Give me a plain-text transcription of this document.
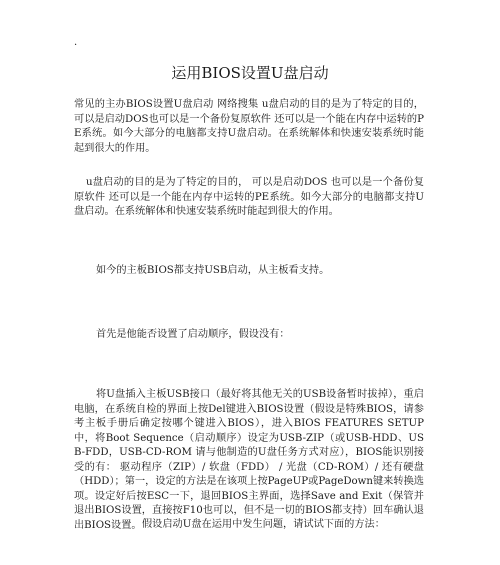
.
运用BIOS设置U盘启动
常见的主办BIOS设置U盘启动 网络搜集 u盘启动的目的是为了特定的目的，可以是启动DOS也可以是一个备份复原软件 还可以是一个能在内存中运转的PE系统。如今大部分的电脑都支持U盘启动。在系统解体和快速安装系统时能起到很大的作用。
u盘启动的目的是为了特定的目的， 可以是启动DOS 也可以是一个备份复原软件 还可以是一个能在内存中运转的PE系统。如今大部分的电脑都支持U盘启动。在系统解体和快速安装系统时能起到很大的作用。
如今的主板BIOS都支持USB启动，从主板看支持。
首先是他能否设置了启动顺序，假设没有：
将U盘插入主板USB接口（最好将其他无关的USB设备暂时拔掉），重启电脑，在系统自检的界面上按Del键进入BIOS设置（假设是特殊BIOS，请参考主板手册后确定按哪个键进入BIOS），进入BIOS FEATURES SETUP中，将Boot Sequence（启动顺序）设定为USB-ZIP（或USB-HDD、USB-FDD，USB-CD-ROM 请与他制造的U盘任务方式对应），BIOS能识别接受的有： 驱动程序（ZIP）/ 软盘（FDD） / 光盘（CD-ROM）/ 还有硬盘（HDD）；第一，设定的方法是在该项上按PageUP或PageDown键来转换选项。设定好后按ESC一下，退回BIOS主界面，选择Save and Exit（保管并退出BIOS设置，直接按F10也可以，但不是一切的BIOS都支持）回车确认退出BIOS设置。 假设启动U盘在运用中发生问题，请试试下面的方法：
